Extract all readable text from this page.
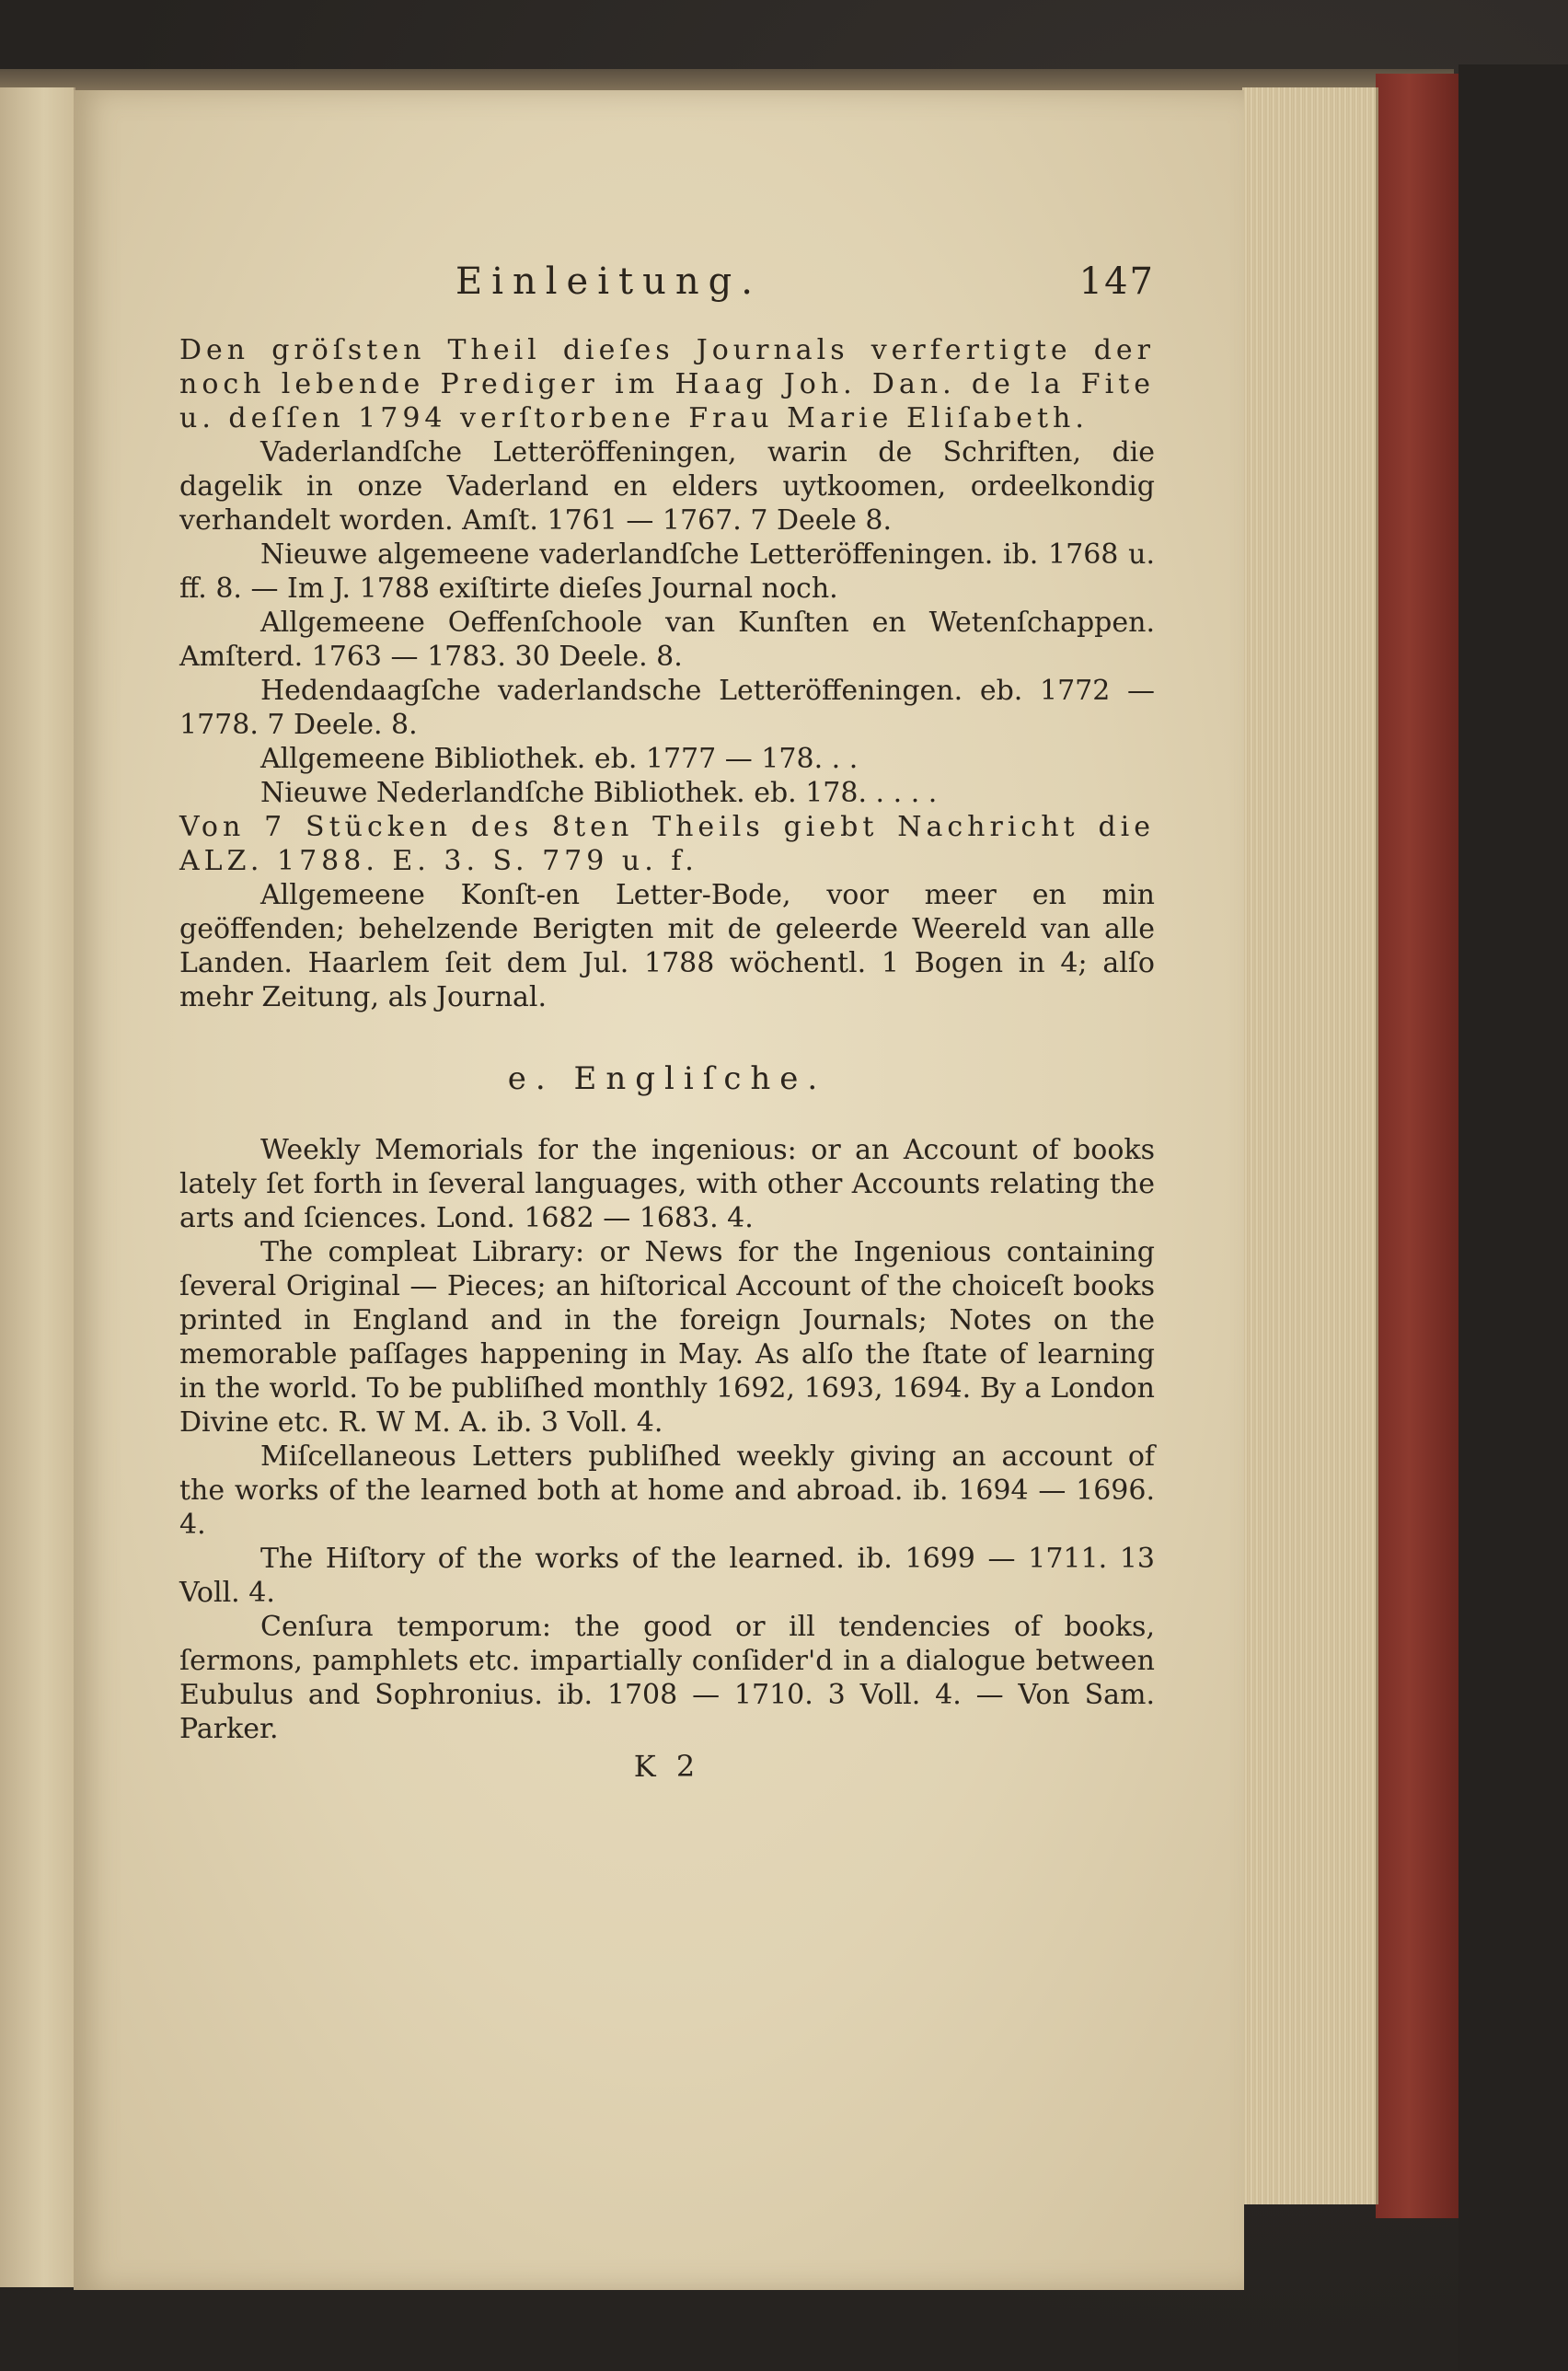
Einleitung.	147

Den gröſsten Theil dieſes Journals verfertigte der noch lebende Prediger im Haag Joh. Dan. de la Fite u. deſſen 1794 verſtorbene Frau Marie Eliſabeth.

Vaderlandſche Letteröffeningen, warin de Schriften, die dagelik in onze Vaderland en elders uytkoomen, ordeelkondig verhandelt worden. Amſt. 1761 — 1767. 7 Deele 8.

Nieuwe algemeene vaderlandſche Letteröffeningen. ib. 1768 u. ff. 8. — Im J. 1788 exiſtirte dieſes Journal noch.

Allgemeene Oeffenſchoole van Kunſten en Wetenſchappen. Amſterd. 1763 — 1783. 30 Deele. 8.

Hedendaagſche vaderlandsche Letteröffeningen. eb. 1772 — 1778. 7 Deele. 8.

Allgemeene Bibliothek. eb. 1777 — 178. . .

Nieuwe Nederlandſche Bibliothek. eb. 178. . . . .

Von 7 Stücken des 8ten Theils giebt Nachricht die ALZ. 1788. E. 3. S. 779 u. f.

Allgemeene Konſt-en Letter-Bode, voor meer en min geöffenden; behelzende Berigten mit de geleerde Weereld van alle Landen. Haarlem ſeit dem Jul. 1788 wöchentl. 1 Bogen in 4; alſo mehr Zeitung, als Journal.

e. Engliſche.

Weekly Memorials for the ingenious: or an Account of books lately ſet forth in ſeveral languages, with other Accounts relating the arts and ſciences. Lond. 1682 — 1683. 4.

The compleat Library: or News for the Ingenious containing ſeveral Original — Pieces; an hiſtorical Account of the choiceſt books printed in England and in the foreign Journals; Notes on the memorable paſſages happening in May. As alſo the ſtate of learning in the world. To be publiſhed monthly 1692, 1693, 1694. By a London Divine etc. R. W M. A. ib. 3 Voll. 4.

Miſcellaneous Letters publiſhed weekly giving an account of the works of the learned both at home and abroad. ib. 1694 — 1696. 4.

The Hiſtory of the works of the learned. ib. 1699 — 1711. 13 Voll. 4.

Cenſura temporum: the good or ill tendencies of books, ſermons, pamphlets etc. impartially conſider'd in a dialogue between Eubulus and Sophronius. ib. 1708 — 1710. 3 Voll. 4. — Von Sam. Parker.

K 2
